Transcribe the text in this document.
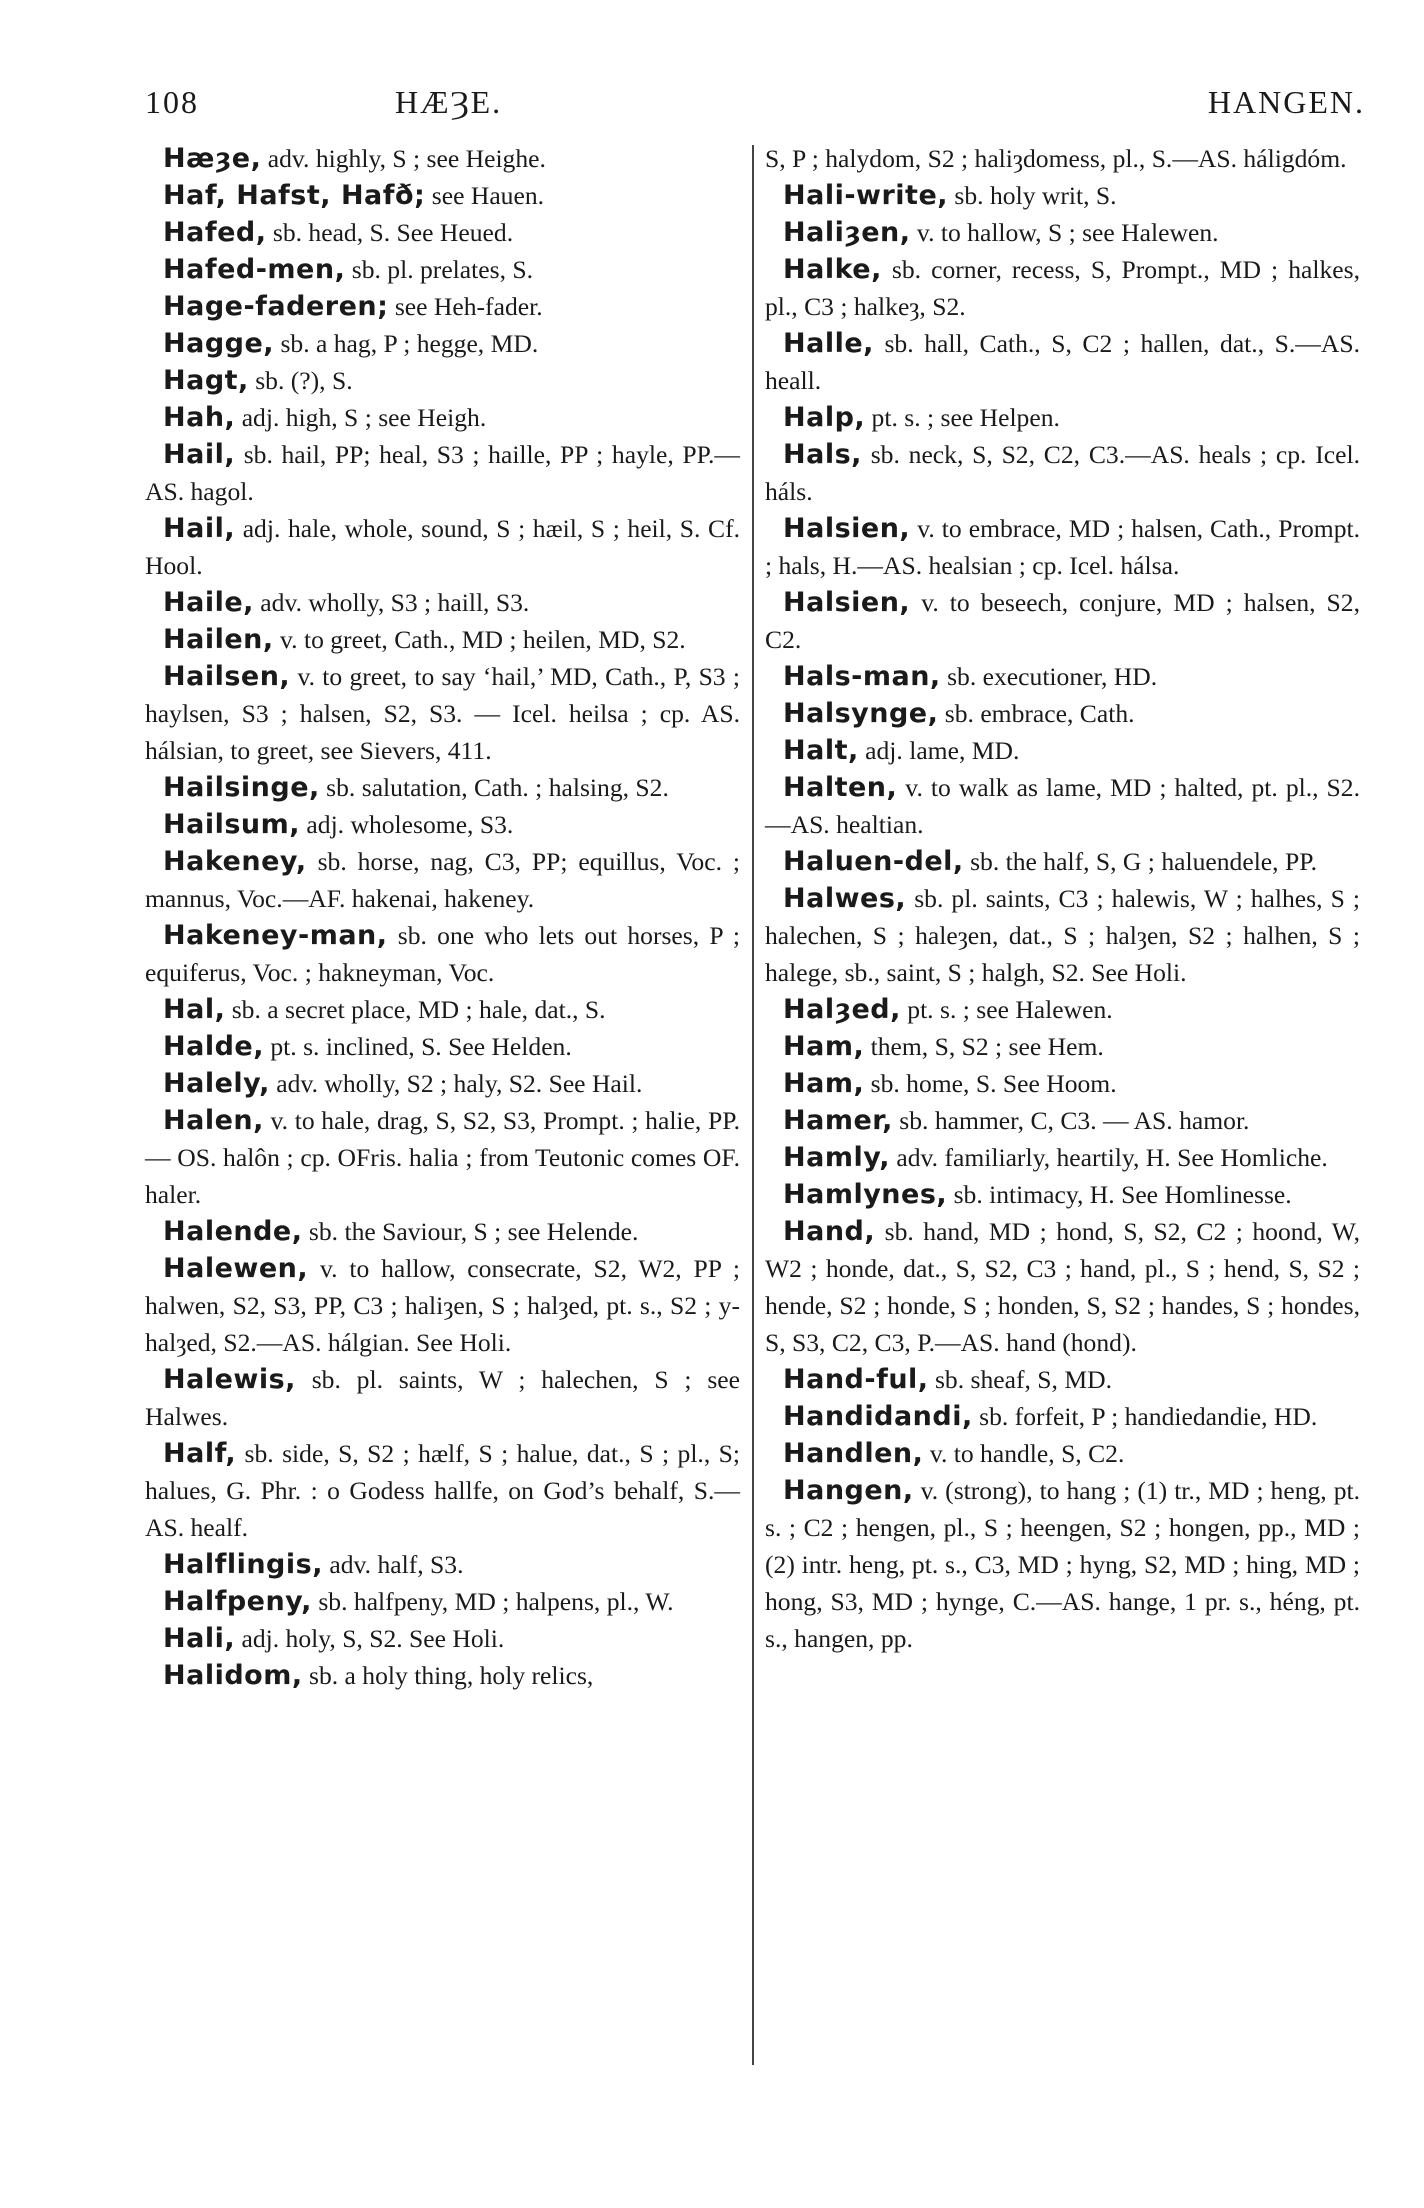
108	HÆȜE.	HANGEN.

Hæȝe, adv. highly, S ; see Heighe.

Haf, Hafst, Hafð; see Hauen.

Hafed, sb. head, S. See Heued.

Hafed-men, sb. pl. prelates, S.

Hage-faderen; see Heh-fader.

Hagge, sb. a hag, P ; hegge, MD.

Hagt, sb. (?), S.

Hah, adj. high, S ; see Heigh.

Hail, sb. hail, PP; heal, S3 ; haille, PP ; hayle, PP.—AS. hagol.

Hail, adj. hale, whole, sound, S ; hæil, S ; heil, S. Cf. Hool.

Haile, adv. wholly, S3 ; haill, S3.

Hailen, v. to greet, Cath., MD ; heilen, MD, S2.

Hailsen, v. to greet, to say ‘hail,’ MD, Cath., P, S3 ; haylsen, S3 ; halsen, S2, S3. — Icel. heilsa ; cp. AS. hálsian, to greet, see Sievers, 411.

Hailsinge, sb. salutation, Cath. ; halsing, S2.

Hailsum, adj. wholesome, S3.

Hakeney, sb. horse, nag, C3, PP; equillus, Voc. ; mannus, Voc.—AF. hakenai, hakeney.

Hakeney-man, sb. one who lets out horses, P ; equiferus, Voc. ; hakneyman, Voc.

Hal, sb. a secret place, MD ; hale, dat., S.

Halde, pt. s. inclined, S. See Helden.

Halely, adv. wholly, S2 ; haly, S2. See Hail.

Halen, v. to hale, drag, S, S2, S3, Prompt. ; halie, PP. — OS. halôn ; cp. OFris. halia ; from Teutonic comes OF. haler.

Halende, sb. the Saviour, S ; see Helende.

Halewen, v. to hallow, consecrate, S2, W2, PP ; halwen, S2, S3, PP, C3 ; haliȝen, S ; halȝed, pt. s., S2 ; y-halȝed, S2.—AS. hálgian. See Holi.

Halewis, sb. pl. saints, W ; halechen, S ; see Halwes.

Half, sb. side, S, S2 ; hælf, S ; halue, dat., S ; pl., S; halues, G. Phr. : o Godess hallfe, on God’s behalf, S.—AS. healf.

Halflingis, adv. half, S3.

Halfpeny, sb. halfpeny, MD ; halpens, pl., W.

Hali, adj. holy, S, S2. See Holi.

Halidom, sb. a holy thing, holy relics,

S, P ; halydom, S2 ; haliȝdomess, pl., S.—AS. háligdóm.

Hali-write, sb. holy writ, S.

Haliȝen, v. to hallow, S ; see Halewen.

Halke, sb. corner, recess, S, Prompt., MD ; halkes, pl., C3 ; halkeȝ, S2.

Halle, sb. hall, Cath., S, C2 ; hallen, dat., S.—AS. heall.

Halp, pt. s. ; see Helpen.

Hals, sb. neck, S, S2, C2, C3.—AS. heals ; cp. Icel. háls.

Halsien, v. to embrace, MD ; halsen, Cath., Prompt. ; hals, H.—AS. healsian ; cp. Icel. hálsa.

Halsien, v. to beseech, conjure, MD ; halsen, S2, C2.

Hals-man, sb. executioner, HD.

Halsynge, sb. embrace, Cath.

Halt, adj. lame, MD.

Halten, v. to walk as lame, MD ; halted, pt. pl., S2.—AS. healtian.

Haluen-del, sb. the half, S, G ; haluendele, PP.

Halwes, sb. pl. saints, C3 ; halewis, W ; halhes, S ; halechen, S ; haleȝen, dat., S ; halȝen, S2 ; halhen, S ; halege, sb., saint, S ; halgh, S2. See Holi.

Halȝed, pt. s. ; see Halewen.

Ham, them, S, S2 ; see Hem.

Ham, sb. home, S. See Hoom.

Hamer, sb. hammer, C, C3. — AS. hamor.

Hamly, adv. familiarly, heartily, H. See Homliche.

Hamlynes, sb. intimacy, H. See Homlinesse.

Hand, sb. hand, MD ; hond, S, S2, C2 ; hoond, W, W2 ; honde, dat., S, S2, C3 ; hand, pl., S ; hend, S, S2 ; hende, S2 ; honde, S ; honden, S, S2 ; handes, S ; hondes, S, S3, C2, C3, P.—AS. hand (hond).

Hand-ful, sb. sheaf, S, MD.

Handidandi, sb. forfeit, P ; handiedandie, HD.

Handlen, v. to handle, S, C2.

Hangen, v. (strong), to hang ; (1) tr., MD ; heng, pt. s. ; C2 ; hengen, pl., S ; heengen, S2 ; hongen, pp., MD ; (2) intr. heng, pt. s., C3, MD ; hyng, S2, MD ; hing, MD ; hong, S3, MD ; hynge, C.—AS. hange, 1 pr. s., héng, pt. s., hangen, pp.
